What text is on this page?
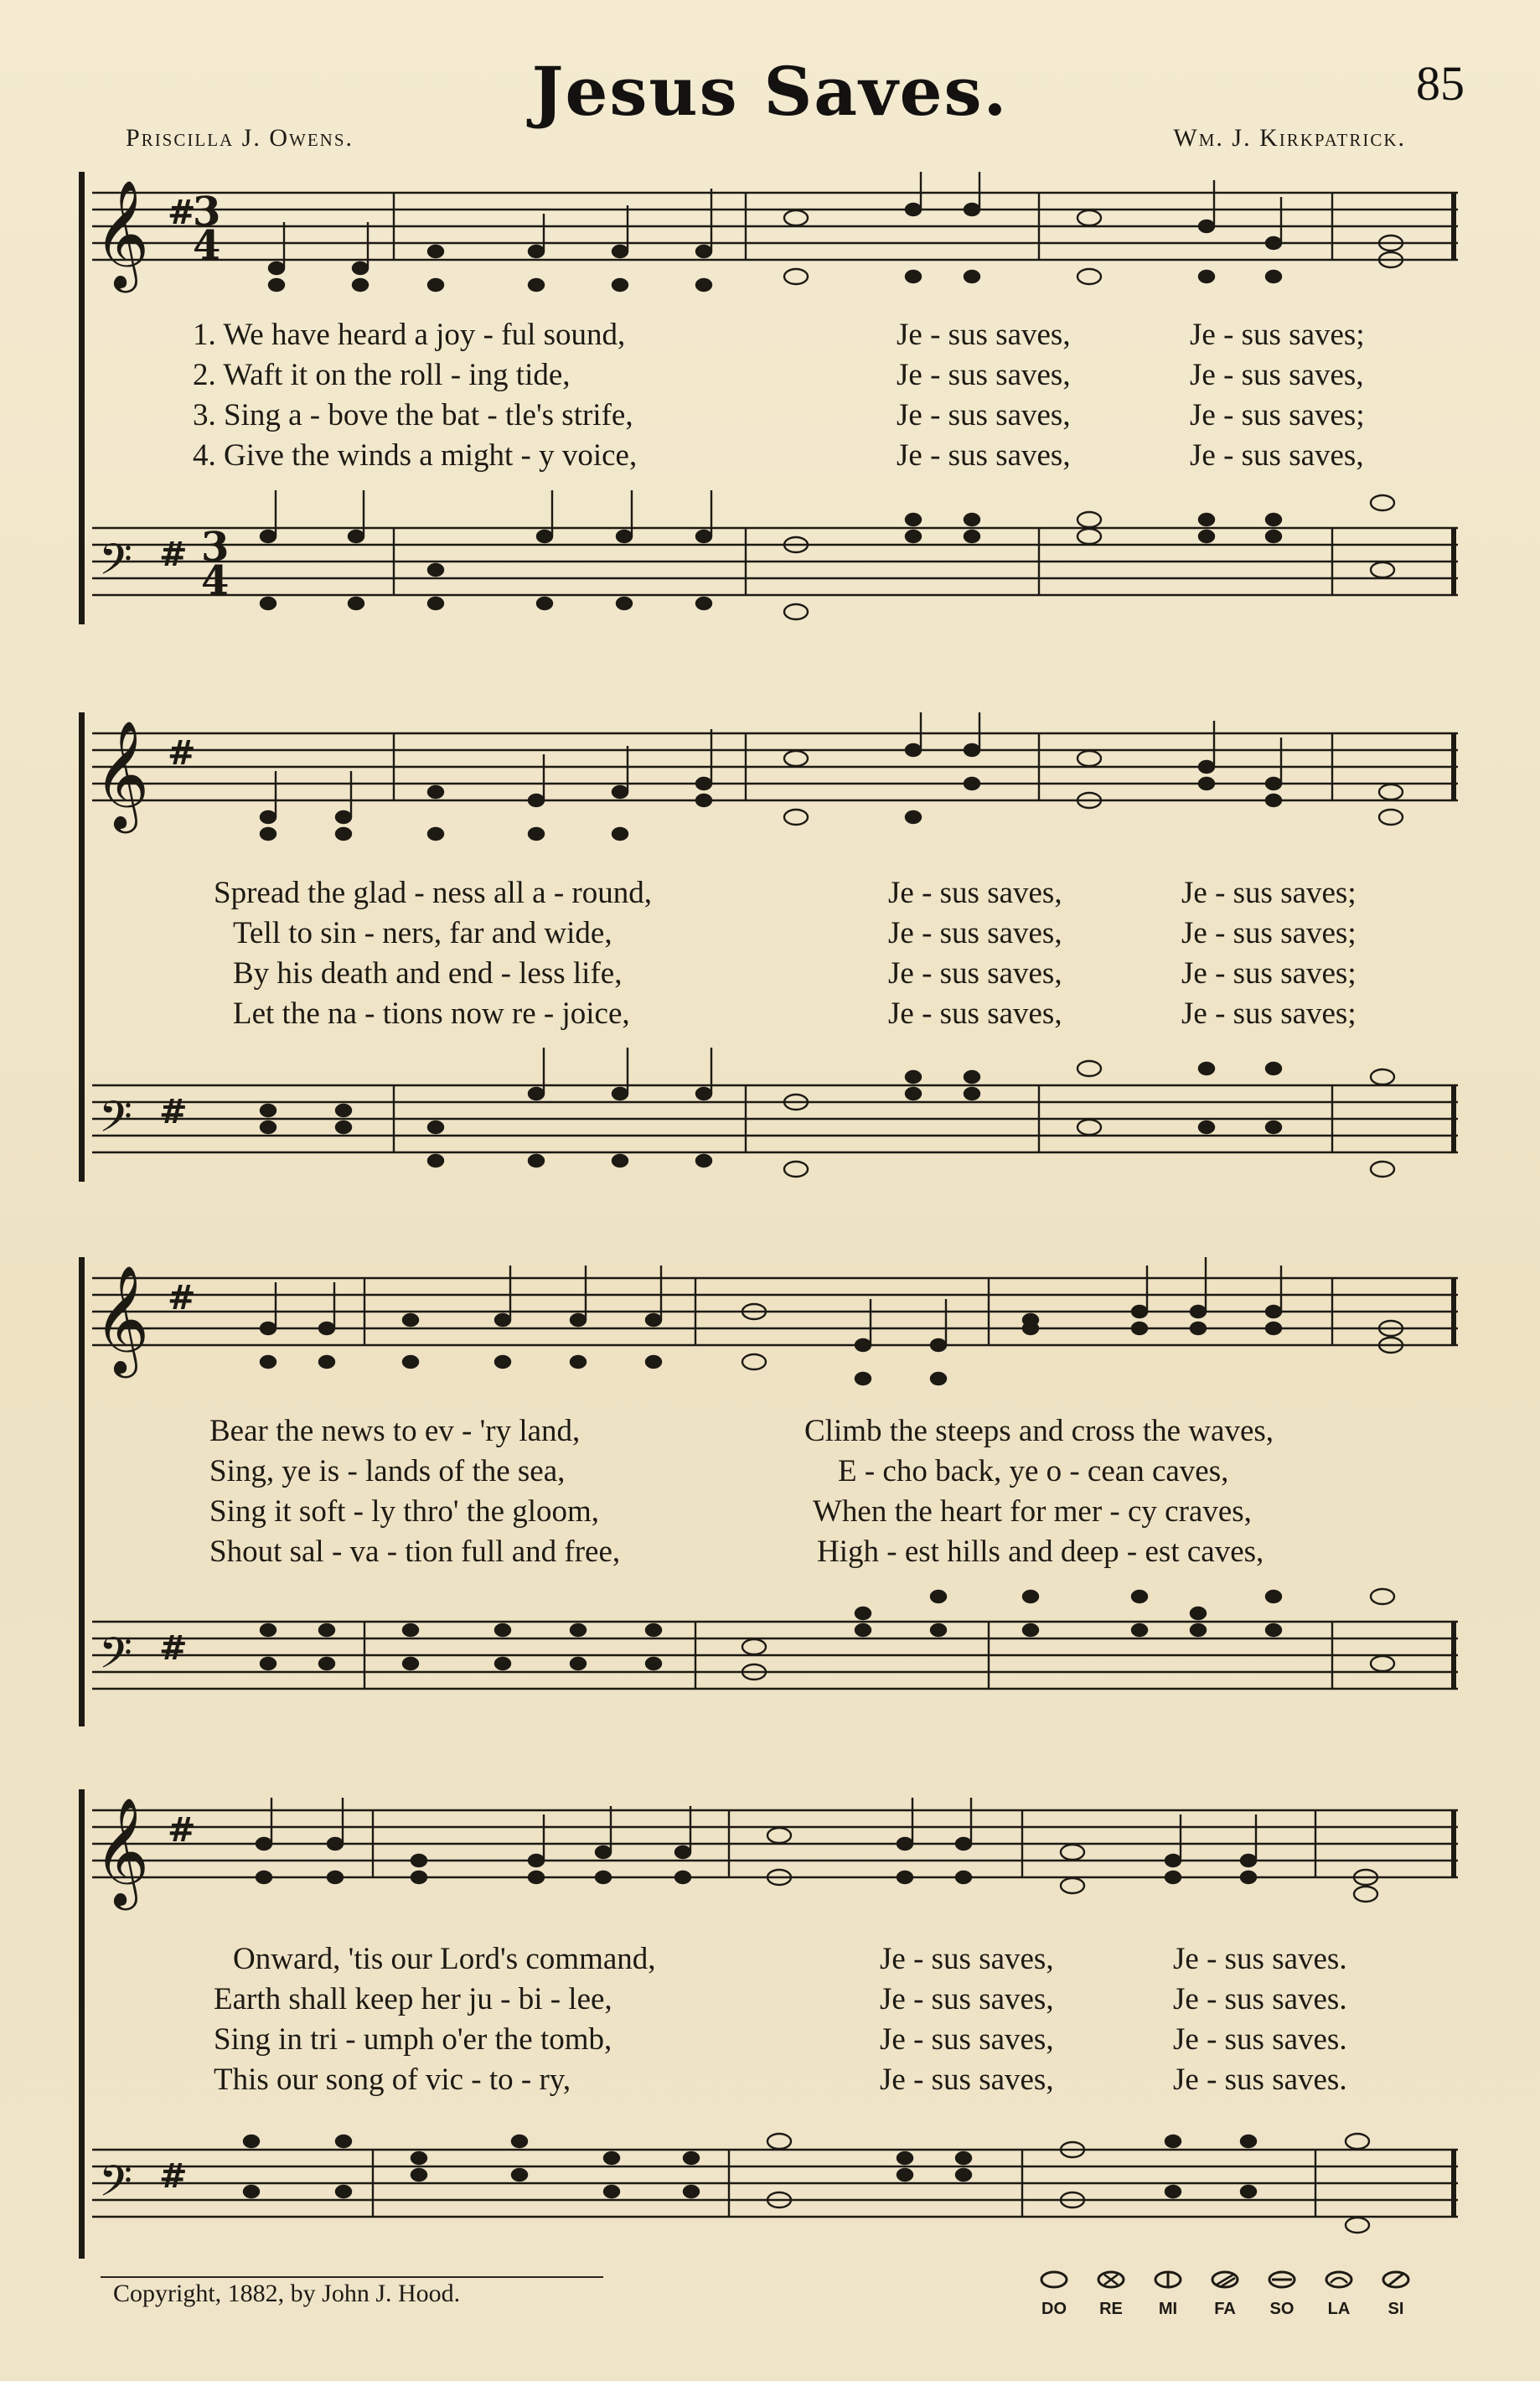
Jesus Saves.	85
Priscilla J. Owens.	Wm. J. Kirkpatrick.
𝄞
𝄢
#
#
3
4
3
4
1. We have heard a joy - ful sound,	Je - sus saves,	Je - sus saves;
2. Waft it on the roll - ing tide,	Je - sus saves,	Je - sus saves,
3. Sing a - bove the bat - tle's strife,	Je - sus saves,	Je - sus saves;
4. Give the winds a might - y voice,	Je - sus saves,	Je - sus saves,
𝄞
𝄢
#
#
Spread the glad - ness all a - round,	Je - sus saves,	Je - sus saves;
Tell to sin - ners, far and wide,	Je - sus saves,	Je - sus saves;
By his death and end - less life,	Je - sus saves,	Je - sus saves;
Let the na - tions now re - joice,	Je - sus saves,	Je - sus saves;
𝄞
𝄢
#
#
Bear the news to ev - 'ry land,	Climb the steeps and cross the waves,
Sing, ye is - lands of the sea,	E - cho back, ye o - cean caves,
Sing it soft - ly thro' the gloom,	When the heart for mer - cy craves,
Shout sal - va - tion full and free,	High - est hills and deep - est caves,
𝄞
𝄢
#
#
Onward, 'tis our Lord's command,	Je - sus saves,	Je - sus saves.
Earth shall keep her ju - bi - lee,	Je - sus saves,	Je - sus saves.
Sing in tri - umph o'er the tomb,	Je - sus saves,	Je - sus saves.
This our song of vic - to - ry,	Je - sus saves,	Je - sus saves.
Copyright, 1882, by John J. Hood.
DO	RE	MI	FA	SO	LA	SI
